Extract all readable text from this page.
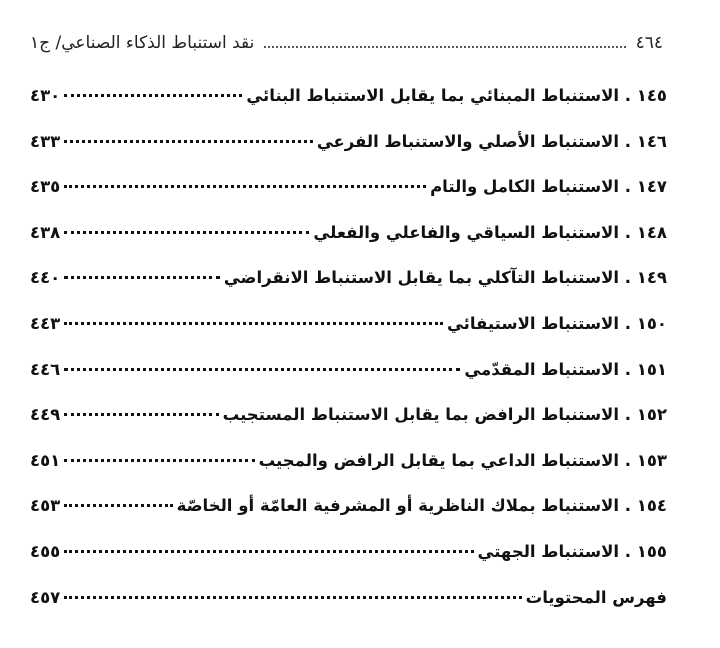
٤٦٤
نقد استنباط الذكاء الصناعي/ ج١
١٤٥ . الاستنباط المبنائي بما يقابل الاستنباط البنائي
٤٣٠
١٤٦ . الاستنباط الأصلي والاستنباط الفرعي
٤٣٣
١٤٧ . الاستنباط الكامل والتام
٤٣٥
١٤٨ . الاستنباط السياقي والفاعلي والفعلي
٤٣٨
١٤٩ . الاستنباط التآكلي بما يقابل الاستنباط الانقراضي
٤٤٠
١٥٠ . الاستنباط الاستيفائي
٤٤٣
١٥١ . الاستنباط المقدّمي
٤٤٦
١٥٢ . الاستنباط الرافض بما يقابل الاستنباط المستجيب
٤٤٩
١٥٣ . الاستنباط الداعي بما يقابل الرافض والمجيب
٤٥١
١٥٤ . الاستنباط بملاك الناظرية أو المشرفية العامّة أو الخاصّة
٤٥٣
١٥٥ . الاستنباط الجهتي
٤٥٥
فهرس المحتويات
٤٥٧
